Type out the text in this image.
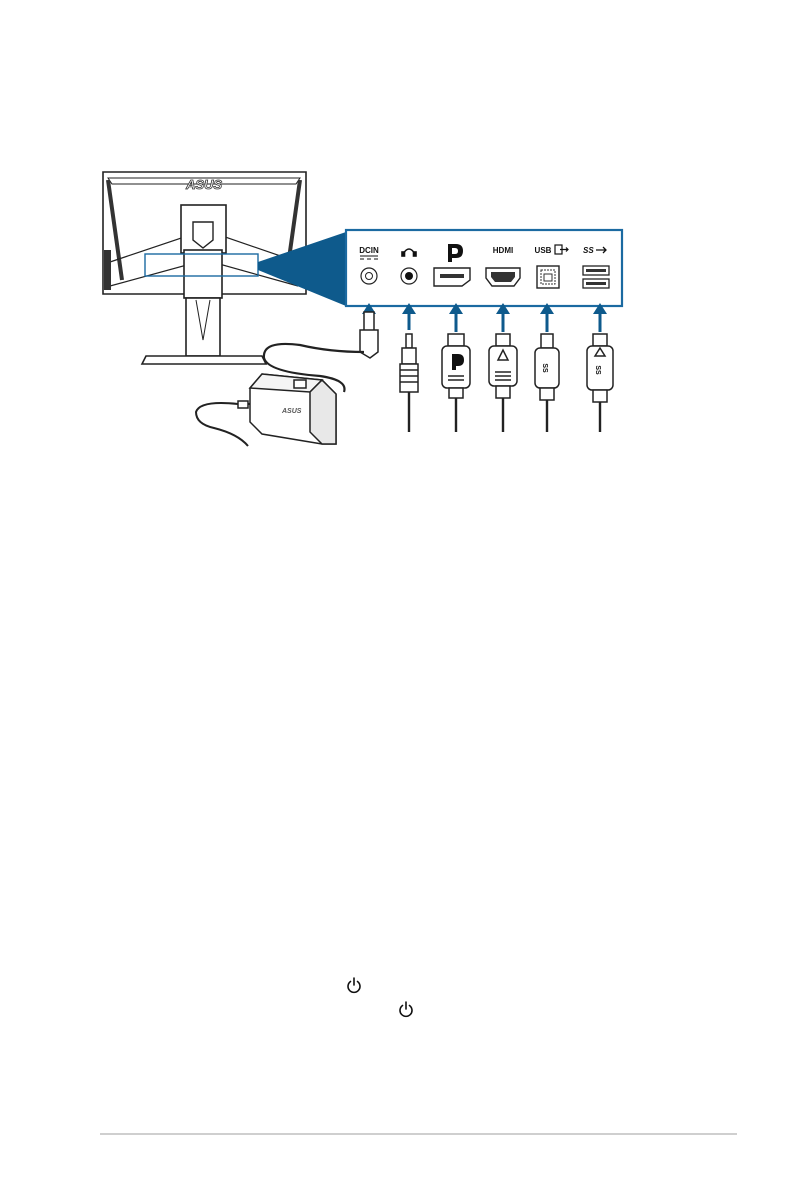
ASUS
DCIN	HDMI	USB	SS
ASUS
SS	SS
